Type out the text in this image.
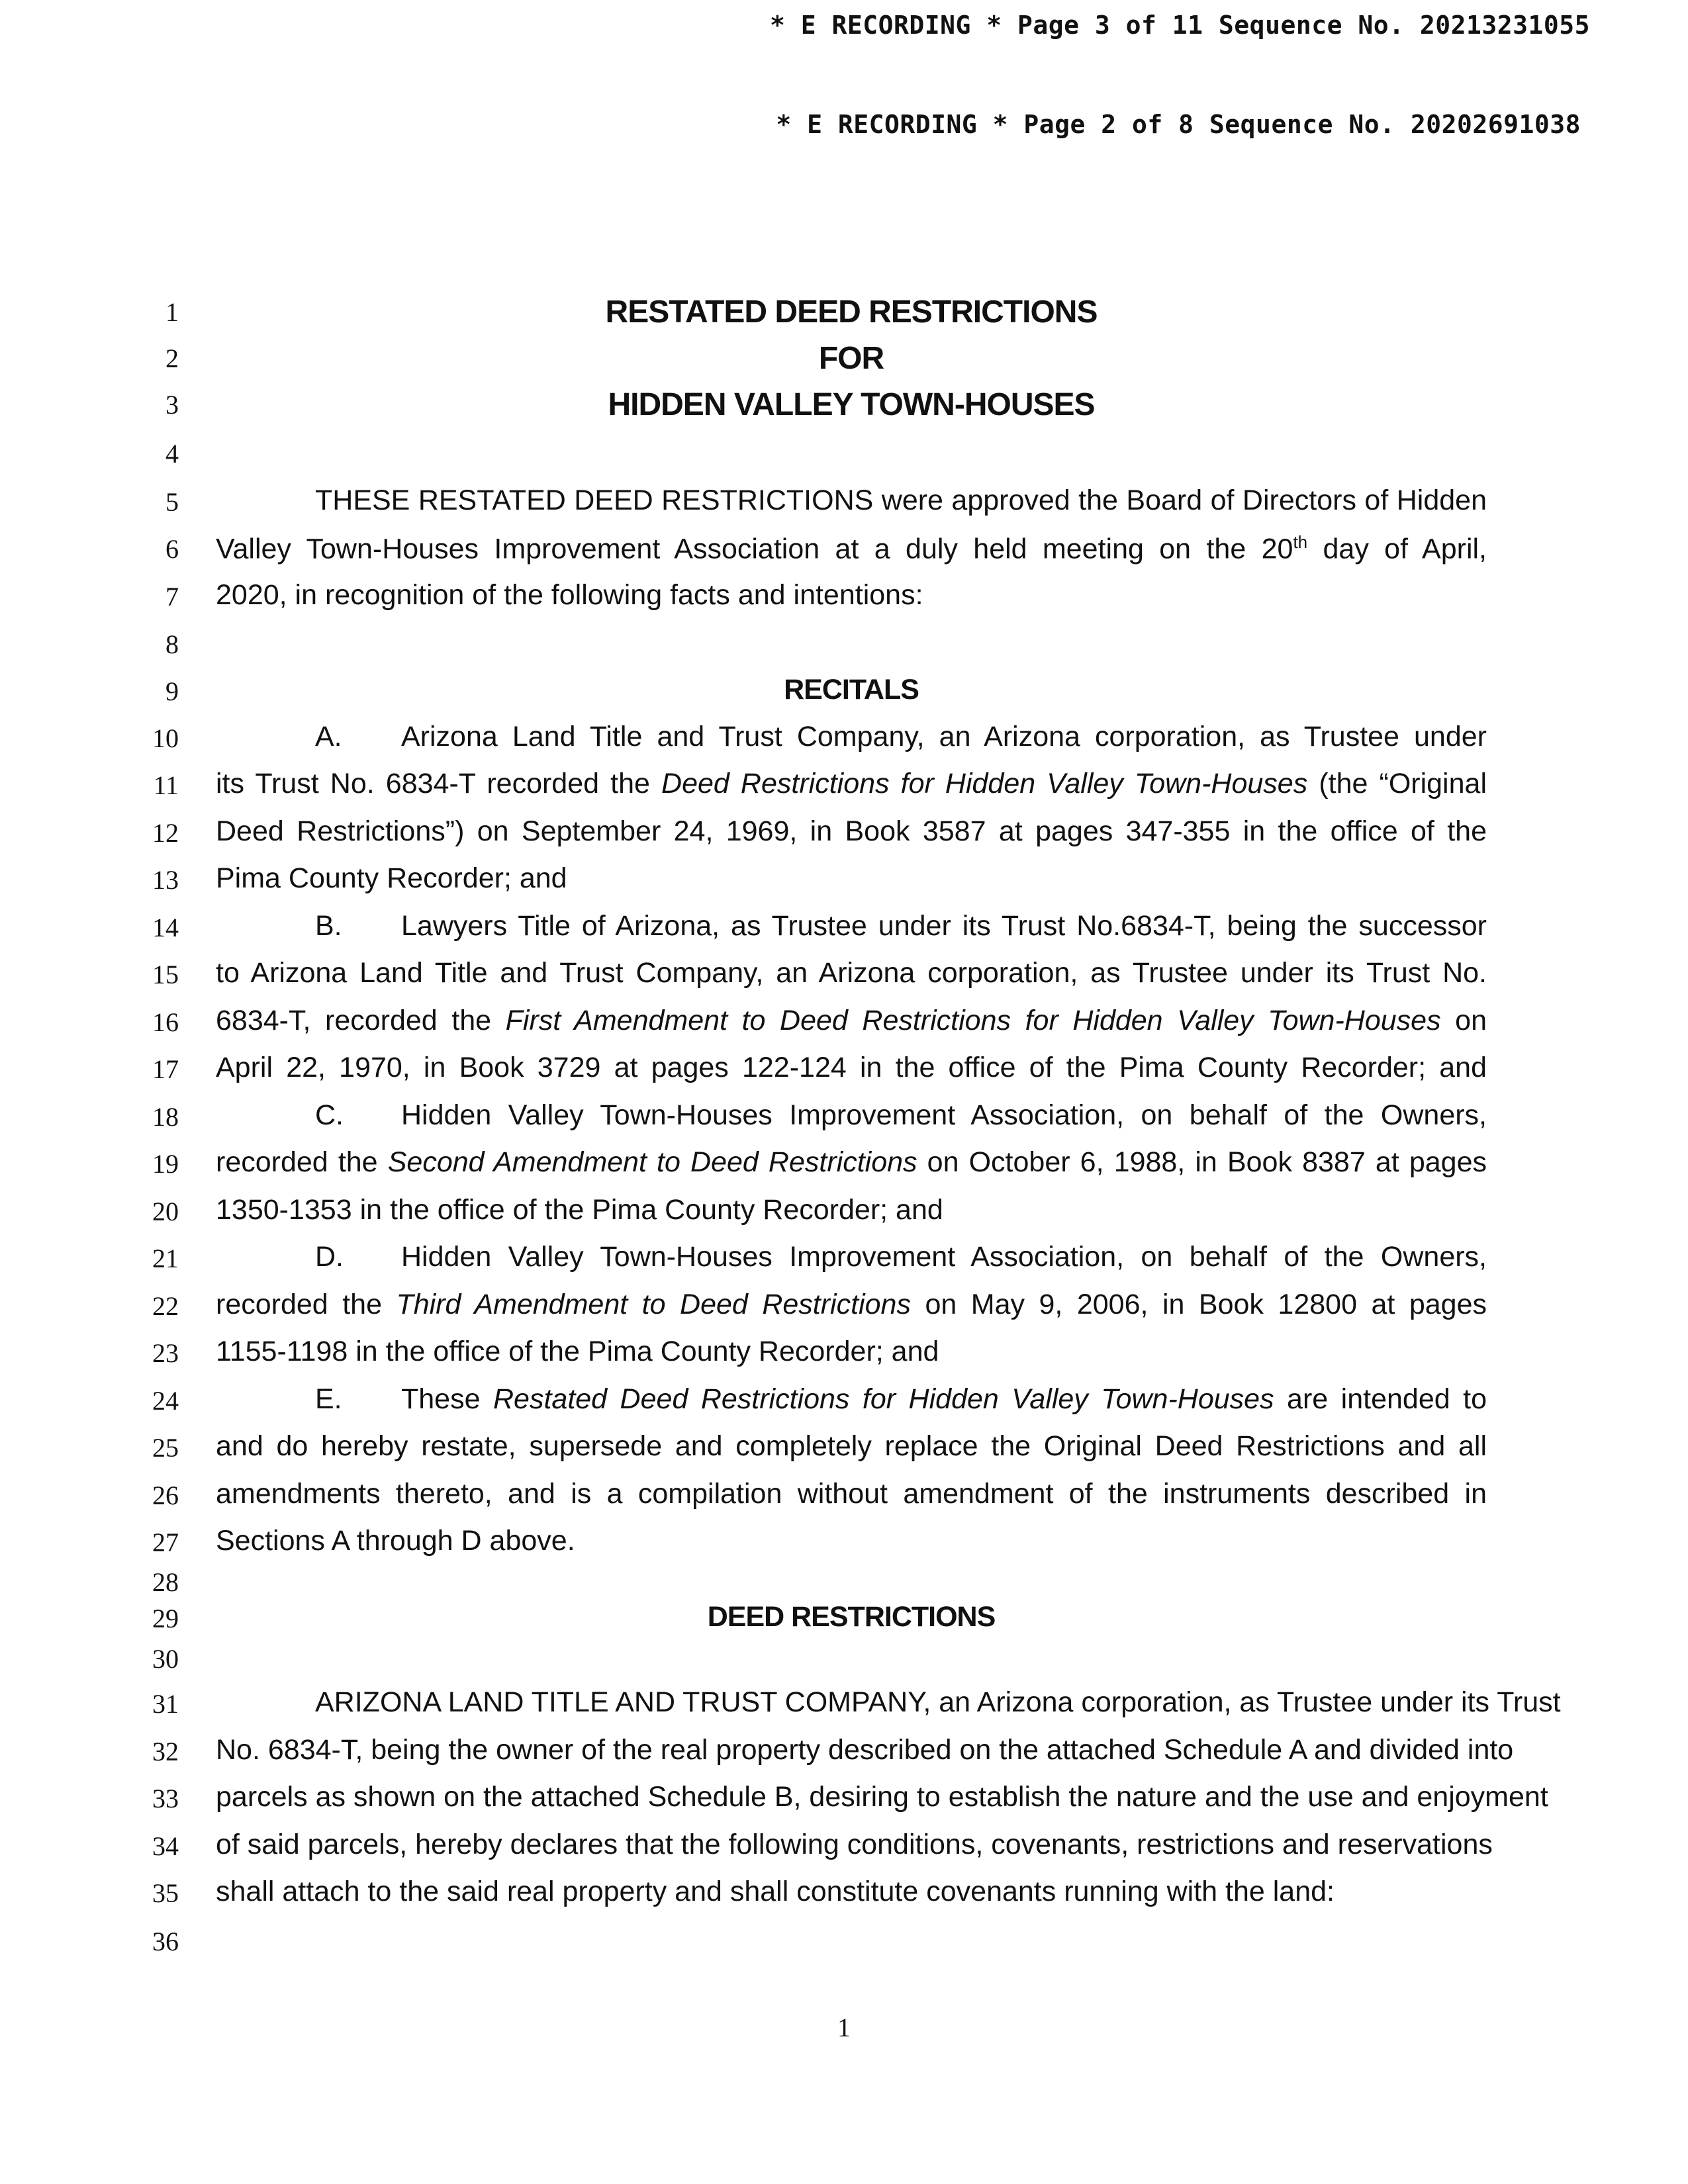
* E RECORDING * Page 3 of 11 Sequence No. 20213231055
* E RECORDING * Page 2 of 8 Sequence No. 20202691038
1
2
3
4
5
6
7
8
9
10
11
12
13
14
15
16
17
18
19
20
21
22
23
24
25
26
27
28
29
30
31
32
33
34
35
36
RESTATED DEED RESTRICTIONS
FOR
HIDDEN VALLEY TOWN-HOUSES
THESE RESTATED DEED RESTRICTIONS were approved the Board of Directors of Hidden
Valley Town-Houses Improvement Association at a duly held meeting on the 20th day of April,
2020, in recognition of the following facts and intentions:
RECITALS
A. Arizona Land Title and Trust Company, an Arizona corporation, as Trustee under
its Trust No. 6834-T recorded the Deed Restrictions for Hidden Valley Town-Houses (the “Original
Deed Restrictions”) on September 24, 1969, in Book 3587 at pages 347-355 in the office of the
Pima County Recorder; and
B. Lawyers Title of Arizona, as Trustee under its Trust No.6834-T, being the successor
to Arizona Land Title and Trust Company, an Arizona corporation, as Trustee under its Trust No.
6834-T, recorded the First Amendment to Deed Restrictions for Hidden Valley Town-Houses on
April 22, 1970, in Book 3729 at pages 122-124 in the office of the Pima County Recorder; and
C. Hidden Valley Town-Houses Improvement Association, on behalf of the Owners,
recorded the Second Amendment to Deed Restrictions on October 6, 1988, in Book 8387 at pages
1350-1353 in the office of the Pima County Recorder; and
D. Hidden Valley Town-Houses Improvement Association, on behalf of the Owners,
recorded the Third Amendment to Deed Restrictions on May 9, 2006, in Book 12800 at pages
1155-1198 in the office of the Pima County Recorder; and
E. These Restated Deed Restrictions for Hidden Valley Town-Houses are intended to
and do hereby restate, supersede and completely replace the Original Deed Restrictions and all
amendments thereto, and is a compilation without amendment of the instruments described in
Sections A through D above.
DEED RESTRICTIONS
ARIZONA LAND TITLE AND TRUST COMPANY, an Arizona corporation, as Trustee under its Trust
No. 6834-T, being the owner of the real property described on the attached Schedule A and divided into
parcels as shown on the attached Schedule B, desiring to establish the nature and the use and enjoyment
of said parcels, hereby declares that the following conditions, covenants, restrictions and reservations
shall attach to the said real property and shall constitute covenants running with the land:
1
